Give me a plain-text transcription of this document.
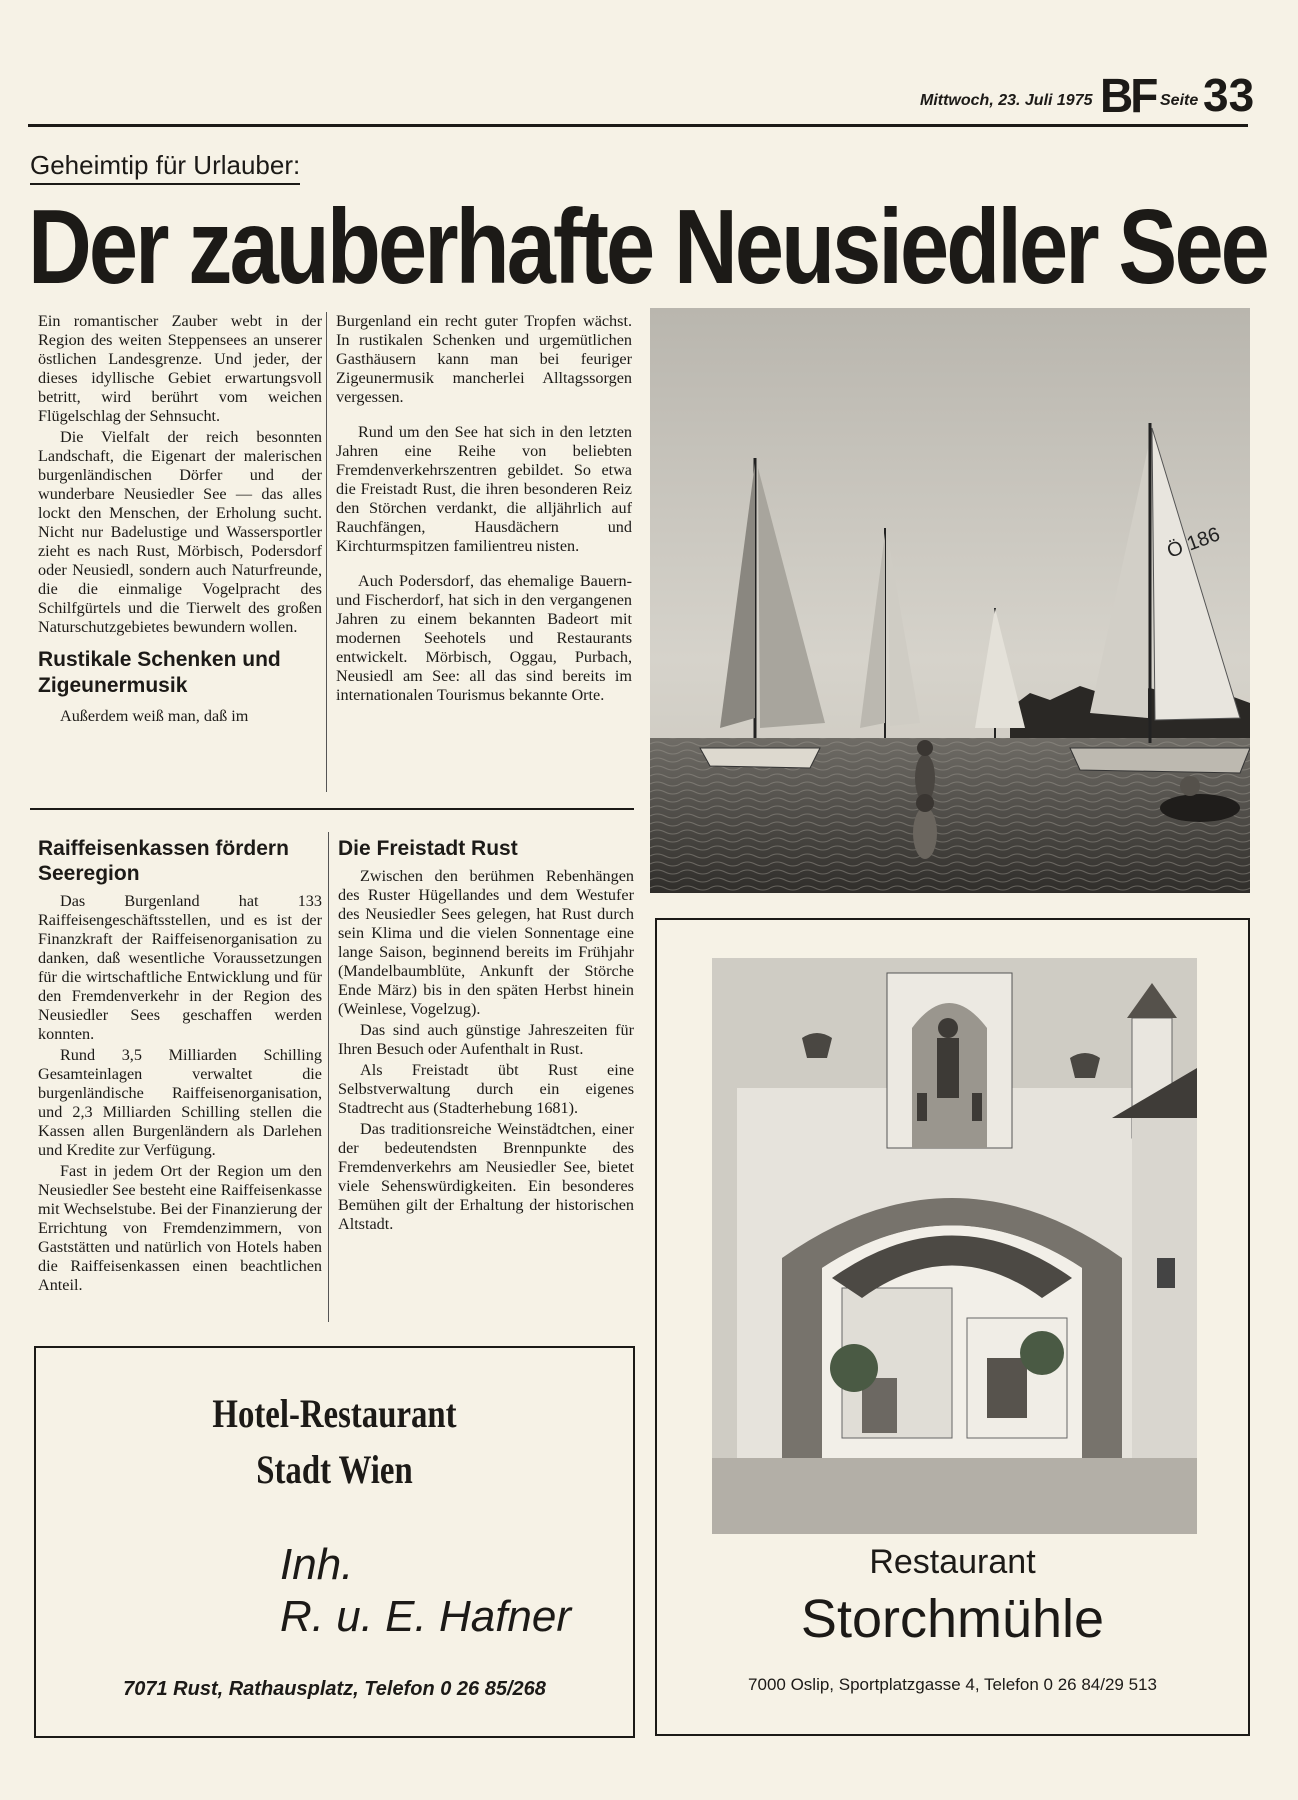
Mittwoch, 23. Juli 1975 BF Seite 33
Geheimtip für Urlauber:
Der zauberhafte Neusiedler See

Ein romantischer Zauber webt in der Region des weiten Steppensees an unserer östlichen Landesgrenze. Und jeder, der dieses idyllische Gebiet erwartungsvoll betritt, wird berührt vom weichen Flügelschlag der Sehnsucht.

Die Vielfalt der reich besonnten Landschaft, die Eigenart der malerischen burgenländischen Dörfer und der wunderbare Neusiedler See — das alles lockt den Menschen, der Erholung sucht. Nicht nur Badelustige und Wassersportler zieht es nach Rust, Mörbisch, Podersdorf oder Neusiedl, sondern auch Naturfreunde, die die einmalige Vogelpracht des Schilfgürtels und die Tierwelt des großen Naturschutzgebietes bewundern wollen.

Rustikale Schenken und Zigeunermusik

Außerdem weiß man, daß im

Burgenland ein recht guter Tropfen wächst. In rustikalen Schenken und urgemütlichen Gasthäusern kann man bei feuriger Zigeunermusik mancherlei Alltagssorgen vergessen.

Rund um den See hat sich in den letzten Jahren eine Reihe von beliebten Fremdenverkehrszentren gebildet. So etwa die Freistadt Rust, die ihren besonderen Reiz den Störchen verdankt, die alljährlich auf Rauchfängen, Hausdächern und Kirchturmspitzen familientreu nisten.

Auch Podersdorf, das ehemalige Bauern- und Fischerdorf, hat sich in den vergangenen Jahren zu einem bekannten Badeort mit modernen Seehotels und Restaurants entwickelt. Mörbisch, Oggau, Purbach, Neusiedl am See: all das sind bereits im internationalen Tourismus bekannte Orte.

Raiffeisenkassen fördern Seeregion

Das Burgenland hat 133 Raiffeisengeschäftsstellen, und es ist der Finanzkraft der Raiffeisenorganisation zu danken, daß wesentliche Voraussetzungen für die wirtschaftliche Entwicklung und für den Fremdenverkehr in der Region des Neusiedler Sees geschaffen werden konnten.

Rund 3,5 Milliarden Schilling Gesamteinlagen verwaltet die burgenländische Raiffeisenorganisation, und 2,3 Milliarden Schilling stellen die Kassen allen Burgenländern als Darlehen und Kredite zur Verfügung.

Fast in jedem Ort der Region um den Neusiedler See besteht eine Raiffeisenkasse mit Wechselstube. Bei der Finanzierung der Errichtung von Fremdenzimmern, von Gaststätten und natürlich von Hotels haben die Raiffeisenkassen einen beachtlichen Anteil.

Die Freistadt Rust

Zwischen den berühmen Rebenhängen des Ruster Hügellandes und dem Westufer des Neusiedler Sees gelegen, hat Rust durch sein Klima und die vielen Sonnentage eine lange Saison, beginnend bereits im Frühjahr (Mandelbaumblüte, Ankunft der Störche Ende März) bis in den späten Herbst hinein (Weinlese, Vogelzug).

Das sind auch günstige Jahreszeiten für Ihren Besuch oder Aufenthalt in Rust.

Als Freistadt übt Rust eine Selbstverwaltung durch ein eigenes Stadtrecht aus (Stadterhebung 1681).

Das traditionsreiche Weinstädtchen, einer der bedeutendsten Brennpunkte des Fremdenverkehrs am Neusiedler See, bietet viele Sehenswürdigkeiten. Ein besonderes Bemühen gilt der Erhaltung der historischen Altstadt.

Ö 186
Restaurant
Storchmühle
7000 Oslip, Sportplatzgasse 4, Telefon 0 26 84/29 513
Hotel-Restaurant
Stadt Wien
Inh.
R. u. E. Hafner
7071 Rust, Rathausplatz, Telefon 0 26 85/268
